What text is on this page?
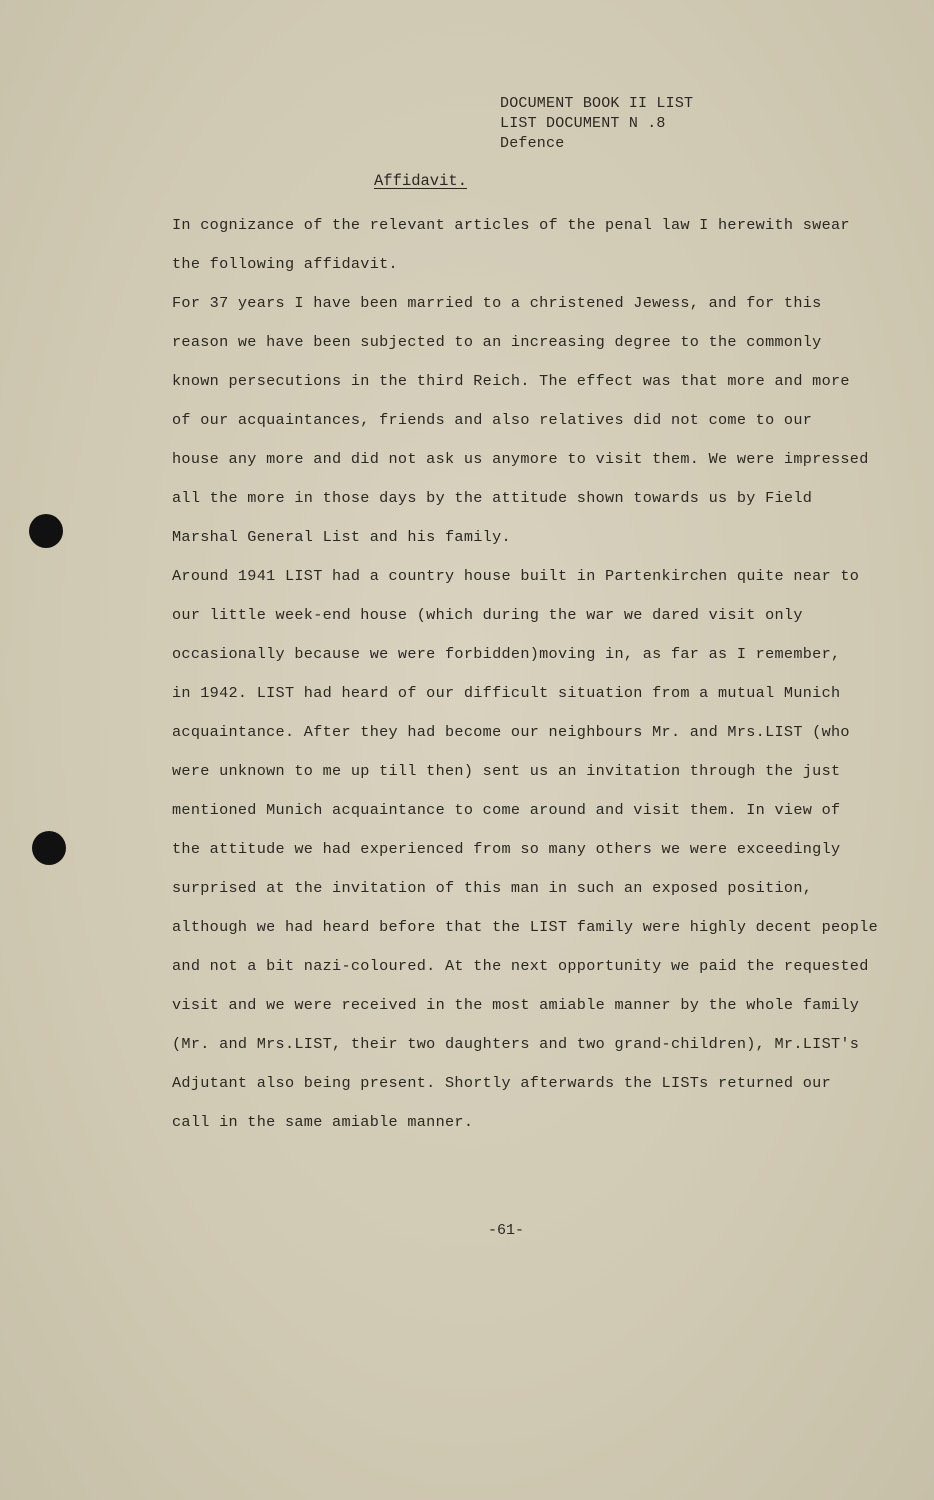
DOCUMENT BOOK II LIST
LIST DOCUMENT N .8
Defence
Affidavit.
In cognizance of the relevant articles of the penal law I herewith swear
the following affidavit.
For 37 years I have been married to a christened Jewess, and for this
reason we have been subjected to an increasing degree to the commonly
known persecutions in the third Reich. The effect was that more and more
of our acquaintances, friends and also relatives did not come to our
house any more and did not ask us anymore to visit them. We were impressed
all the more in those days by the attitude shown towards us by Field
Marshal General List and his family.
Around 1941 LIST had a country house built in Partenkirchen quite near to
our little week-end house (which during the war we dared visit only
occasionally because we were forbidden)moving in, as far as I remember,
in 1942. LIST had heard of our difficult situation from a mutual Munich
acquaintance. After they had become our neighbours Mr. and Mrs.LIST (who
were unknown to me up till then) sent us an invitation through the just
mentioned Munich acquaintance to come around and visit them. In view of
the attitude we had experienced from so many others we were exceedingly
surprised at the invitation of this man in such an exposed position,
although we had heard before that the LIST family were highly decent people
and not a bit nazi-coloured. At the next opportunity we paid the requested
visit and we were received in the most amiable manner by the whole family
(Mr. and Mrs.LIST, their two daughters and two grand-children), Mr.LIST's
Adjutant also being present. Shortly afterwards the LISTs returned our
call in the same amiable manner.
-61-
